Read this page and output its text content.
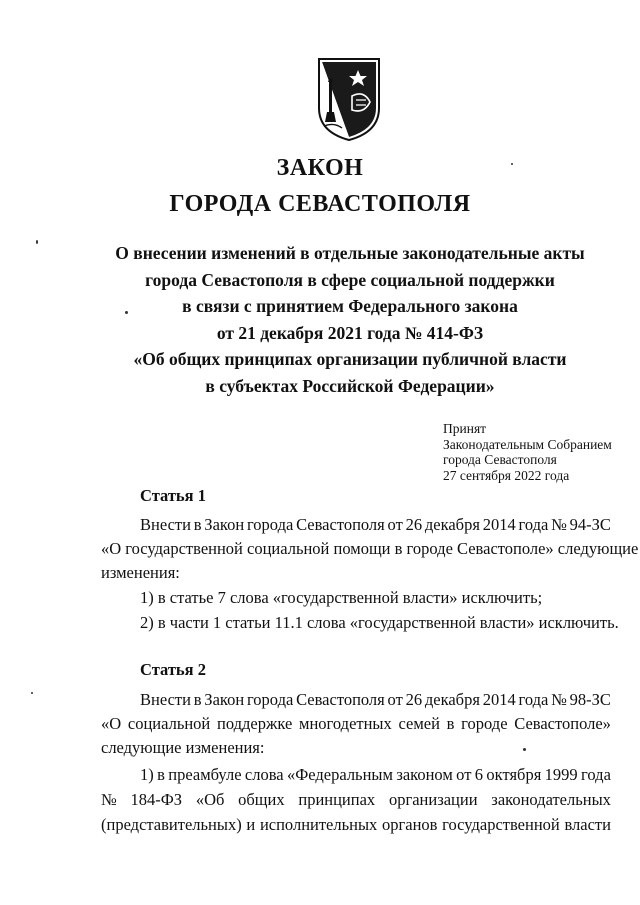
ЗАКОН
ГОРОДА СЕВАСТОПОЛЯ
О внесении изменений в отдельные законодательные акты
города Севастополя в сфере социальной поддержки
в связи с принятием Федерального закона
от 21 декабря 2021 года № 414-ФЗ
«Об общих принципах организации публичной власти
в субъектах Российской Федерации»
Принят
Законодательным Собранием
города Севастополя
27 сентября 2022 года
Статья 1
Внести в Закон города Севастополя от 26 декабря 2014 года № 94-ЗС
«О государственной социальной помощи в городе Севастополе» следующие
изменения:
1) в статье 7 слова «государственной власти» исключить;
2) в части 1 статьи 11.1 слова «государственной власти» исключить.
Статья 2
Внести в Закон города Севастополя от 26 декабря 2014 года № 98-ЗС
«О социальной поддержке многодетных семей в городе Севастополе»
следующие изменения:
1) в преамбуле слова «Федеральным законом от 6 октября 1999 года
№ 184-ФЗ «Об общих принципах организации законодательных
(представительных) и исполнительных органов государственной власти
